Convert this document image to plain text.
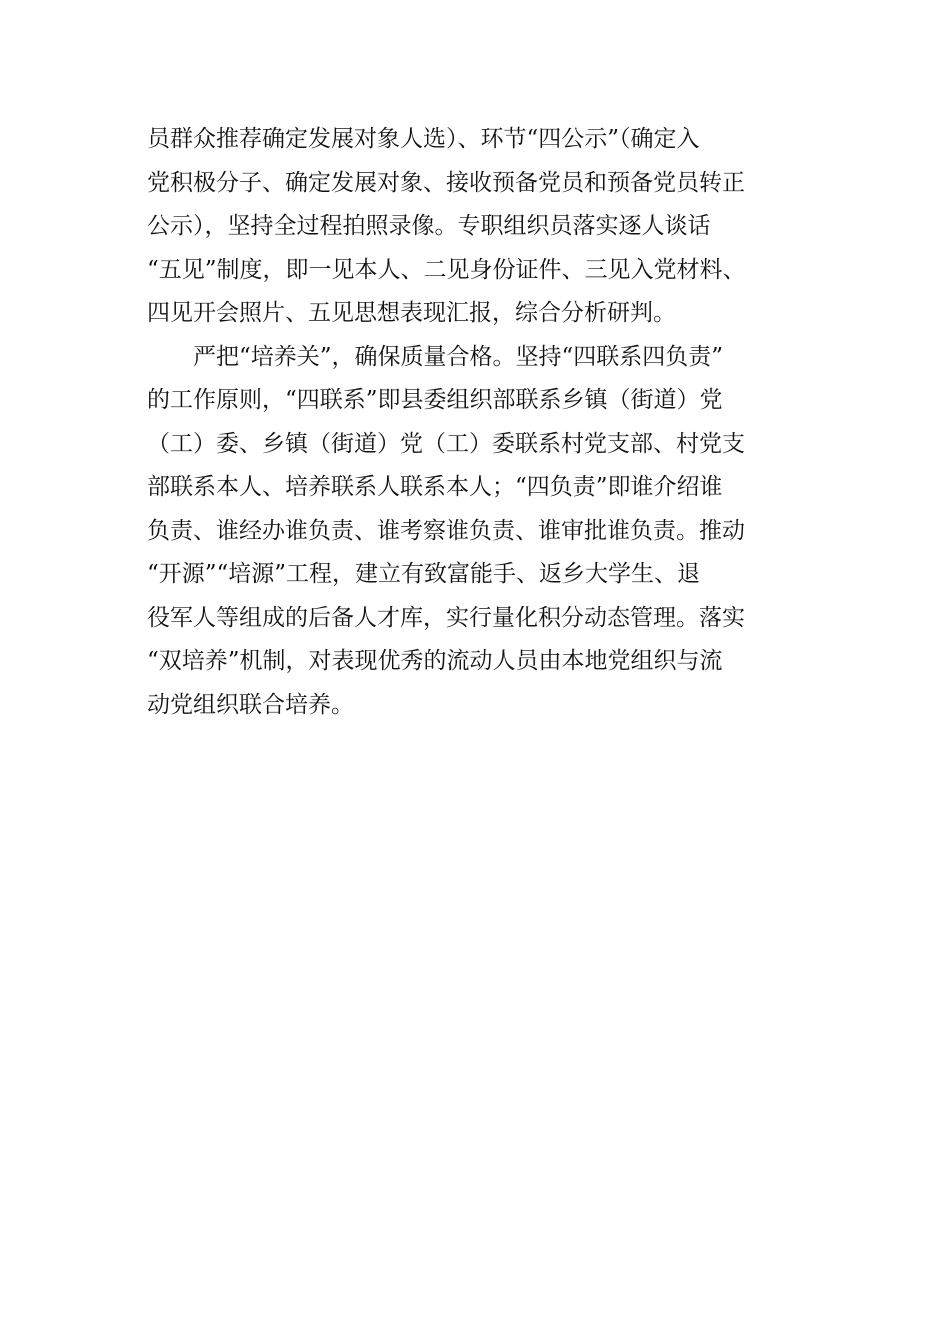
员群众推荐确定发展对象人选）、环节“四公示”（确定入
党积极分子、确定发展对象、接收预备党员和预备党员转正
公示），坚持全过程拍照录像。专职组织员落实逐人谈话
“五见”制度，即一见本人、二见身份证件、三见入党材料、
四见开会照片、五见思想表现汇报，综合分析研判。
严把“培养关”，确保质量合格。坚持“四联系四负责”
的工作原则，“四联系”即县委组织部联系乡镇（街道）党
（工）委、乡镇（街道）党（工）委联系村党支部、村党支
部联系本人、培养联系人联系本人；“四负责”即谁介绍谁
负责、谁经办谁负责、谁考察谁负责、谁审批谁负责。推动
“开源”“培源”工程，建立有致富能手、返乡大学生、退
役军人等组成的后备人才库，实行量化积分动态管理。落实
“双培养”机制，对表现优秀的流动人员由本地党组织与流
动党组织联合培养。
